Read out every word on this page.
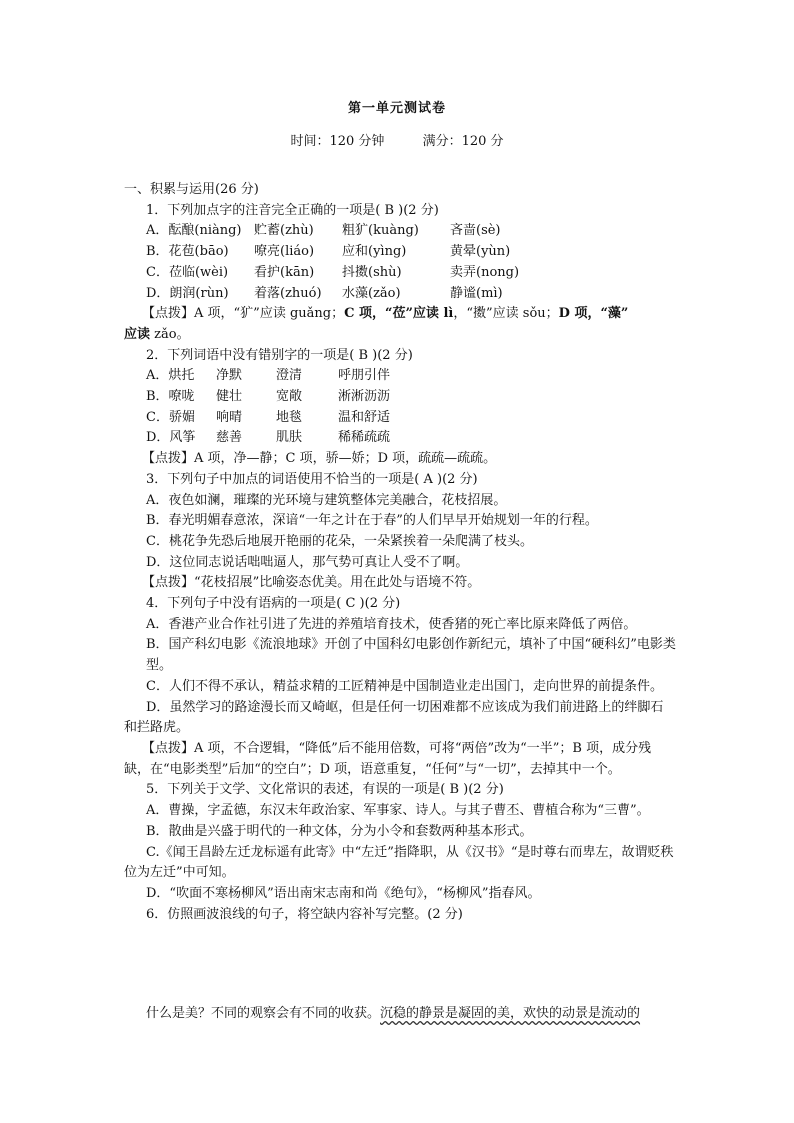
第一单元测试卷
时间：120 分钟	满分：120 分
一、积累与运用(26 分)
1．下列加点字的注音完全正确的一项是( B )(2 分)
A．酝酿(niàng) 贮蓄(zhù) 粗犷(kuàng) 吝啬(sè)
B．花苞(bāo) 嘹亮(liáo) 应和(yìng)	黄晕(yùn)
C．莅临(wèi) 看护(kān) 抖擞(shù)	卖弄(nong)
D．朗润(rùn) 着落(zhuó) 水藻(zǎo)	静谧(mì)
【点拨】A 项，“犷”应读 guǎng；C 项，“莅”应读 lì，“擞”应读 sǒu；D 项，“藻”
应读 zǎo。
2．下列词语中没有错别字的一项是( B )(2 分)
A．烘托 净默	澄清	呼朋引伴
B．嘹咙 健壮	宽敞	淅淅沥沥
C．骄媚 响晴	地毯	温和舒适
D．风筝 慈善	肌肤	稀稀疏疏
【点拨】A 项，净—静；C 项，骄—娇；D 项，疏疏—疏疏。
3．下列句子中加点的词语使用不恰当的一项是( A )(2 分)
A．夜色如澜，璀璨的光环境与建筑整体完美融合，花枝招展。
B．春光明媚春意浓，深谙“一年之计在于春”的人们早早开始规划一年的行程。
C．桃花争先恐后地展开艳丽的花朵，一朵紧挨着一朵爬满了枝头。
D．这位同志说话咄咄逼人，那气势可真让人受不了啊。
【点拨】“花枝招展”比喻姿态优美。用在此处与语境不符。
4．下列句子中没有语病的一项是( C )(2 分)
A．香港产业合作社引进了先进的养殖培育技术，使香猪的死亡率比原来降低了两倍。
B．国产科幻电影《流浪地球》开创了中国科幻电影创作新纪元，填补了中国“硬科幻”电影类型。
C．人们不得不承认，精益求精的工匠精神是中国制造业走出国门，走向世界的前提条件。
D．虽然学习的路途漫长而又崎岖，但是任何一切困难都不应该成为我们前进路上的绊脚石和拦路虎。
【点拨】A 项，不合逻辑，“降低”后不能用倍数，可将“两倍”改为“一半”；B 项，成分残缺，在“电影类型”后加“的空白”；D 项，语意重复，“任何”与“一切”，去掉其中一个。
5．下列关于文学、文化常识的表述，有误的一项是( B )(2 分)
A．曹操，字孟德，东汉末年政治家、军事家、诗人。与其子曹丕、曹植合称为“三曹”。
B．散曲是兴盛于明代的一种文体，分为小令和套数两种基本形式。
C.《闻王昌龄左迁龙标遥有此寄》中“左迁”指降职，从《汉书》“是时尊右而卑左，故谓贬秩位为左迁”中可知。
D．“吹面不寒杨柳风”语出南宋志南和尚《绝句》，“杨柳风”指春风。
6．仿照画波浪线的句子，将空缺内容补写完整。(2 分)
什么是美？不同的观察会有不同的收获。沉稳的静景是凝固的美，欢快的动景是流动的
